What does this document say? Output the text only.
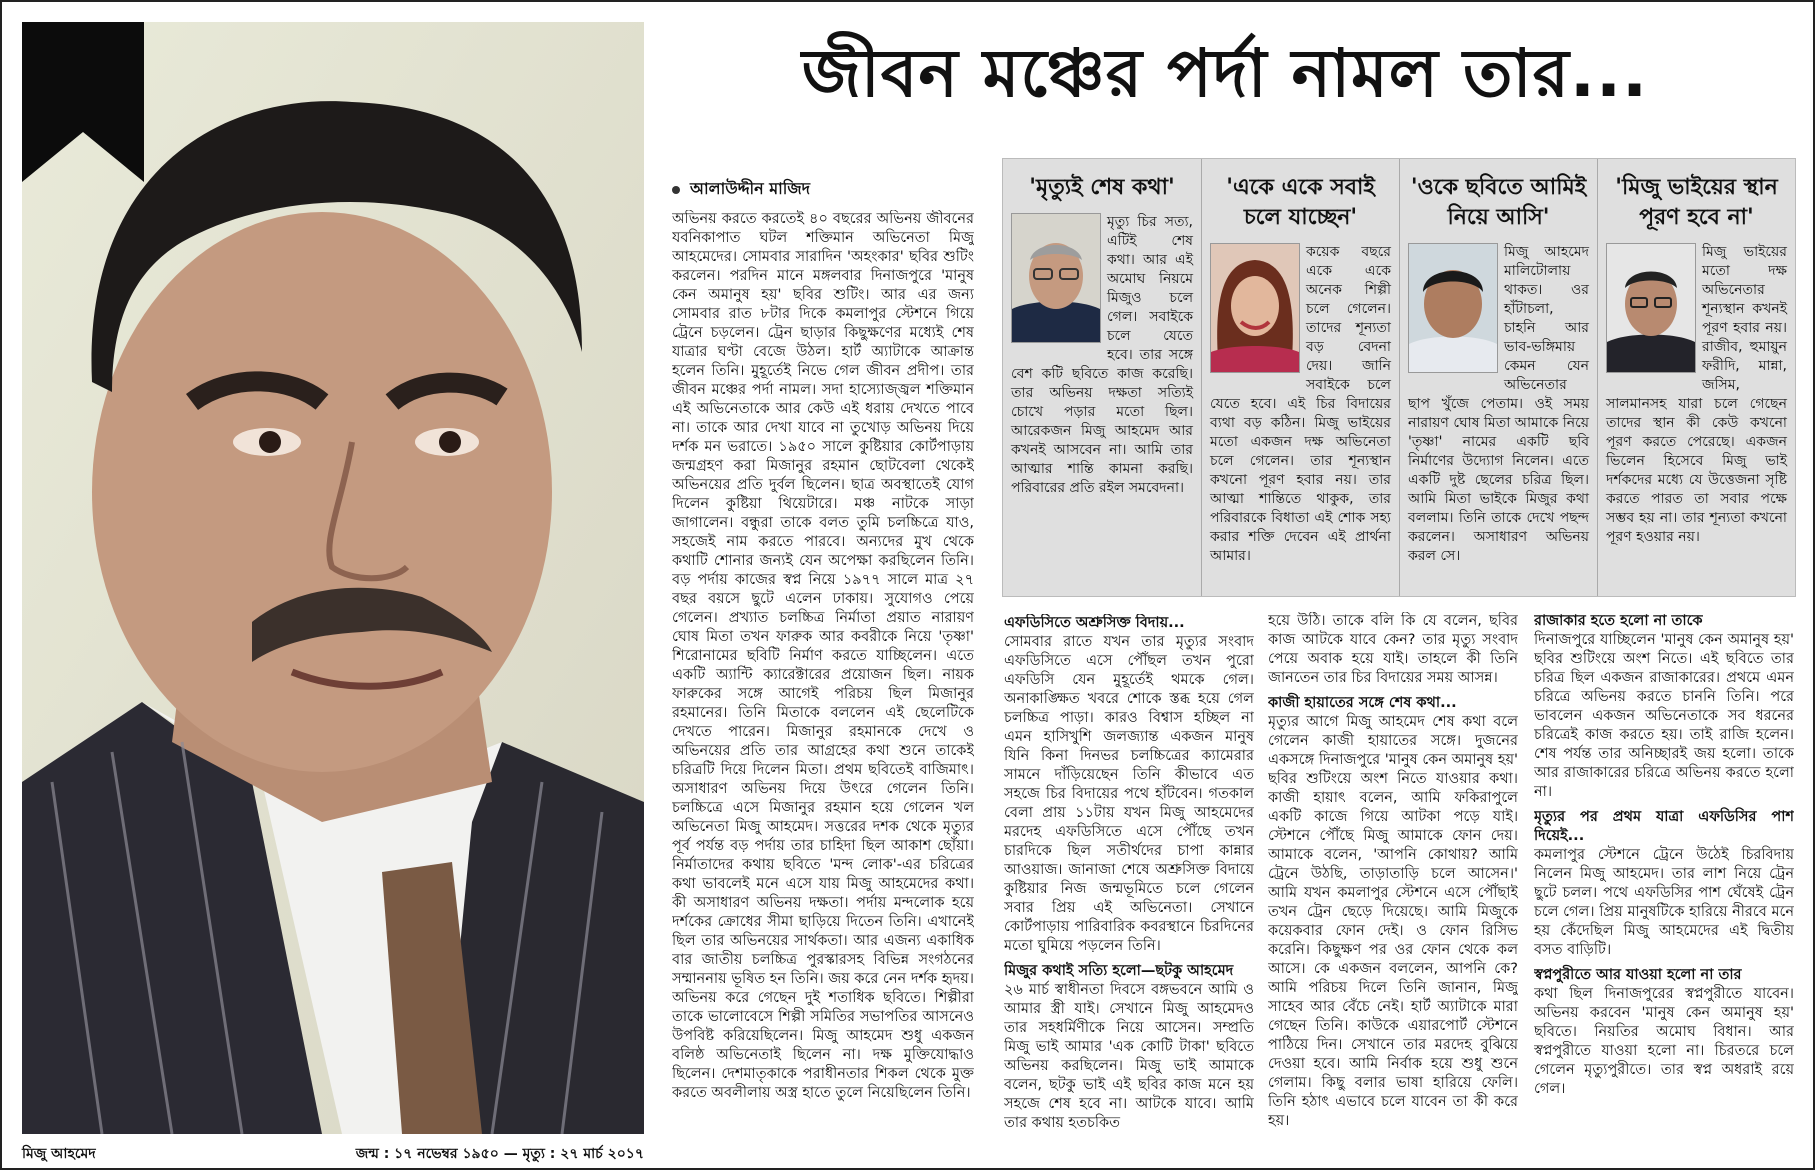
মিজু আহমেদ	জন্ম : ১৭ নভেম্বর ১৯৫০ — মৃত্যু : ২৭ মার্চ ২০১৭
জীবন মঞ্চের পর্দা নামল তার...
আলাউদ্দীন মাজিদ

অভিনয় করতে করতেই ৪০ বছরের অভিনয় জীবনের যবনিকাপাত ঘটল শক্তিমান অভিনেতা মিজু আহমেদের। সোমবার সারাদিন 'অহংকার' ছবির শুটিং করলেন। পরদিন মানে মঙ্গলবার দিনাজপুরে 'মানুষ কেন অমানুষ হয়' ছবির শুটিং। আর এর জন্য সোমবার রাত ৮টার দিকে কমলাপুর স্টেশনে গিয়ে ট্রেনে চড়লেন। ট্রেন ছাড়ার কিছুক্ষণের মধ্যেই শেষ যাত্রার ঘণ্টা বেজে উঠল। হার্ট অ্যাটাকে আক্রান্ত হলেন তিনি। মুহূর্তেই নিভে গেল জীবন প্রদীপ। তার জীবন মঞ্চের পর্দা নামল। সদা হাস্যোজ্জ্বল শক্তিমান এই অভিনেতাকে আর কেউ এই ধরায় দেখতে পাবে না। তাকে আর দেখা যাবে না তুখোড় অভিনয় দিয়ে দর্শক মন ভরাতে। ১৯৫০ সালে কুষ্টিয়ার কোর্টপাড়ায় জন্মগ্রহণ করা মিজানুর রহমান ছোটবেলা থেকেই অভিনয়ের প্রতি দুর্বল ছিলেন। ছাত্র অবস্থাতেই যোগ দিলেন কুষ্টিয়া থিয়েটারে। মঞ্চ নাটকে সাড়া জাগালেন। বন্ধুরা তাকে বলত তুমি চলচ্চিত্রে যাও, সহজেই নাম করতে পারবে। অন্যদের মুখ থেকে কথাটি শোনার জন্যই যেন অপেক্ষা করছিলেন তিনি। বড় পর্দায় কাজের স্বপ্ন নিয়ে ১৯৭৭ সালে মাত্র ২৭ বছর বয়সে ছুটে এলেন ঢাকায়। সুযোগও পেয়ে গেলেন। প্রখ্যাত চলচ্চিত্র নির্মাতা প্রয়াত নারায়ণ ঘোষ মিতা তখন ফারুক আর কবরীকে নিয়ে 'তৃষ্ণা' শিরোনামের ছবিটি নির্মাণ করতে যাচ্ছিলেন। এতে একটি অ্যান্টি ক্যারেক্টারের প্রয়োজন ছিল। নায়ক ফারুকের সঙ্গে আগেই পরিচয় ছিল মিজানুর রহমানের। তিনি মিতাকে বললেন এই ছেলেটিকে দেখতে পারেন। মিজানুর রহমানকে দেখে ও অভিনয়ের প্রতি তার আগ্রহের কথা শুনে তাকেই চরিত্রটি দিয়ে দিলেন মিতা। প্রথম ছবিতেই বাজিমাৎ। অসাধারণ অভিনয় দিয়ে উৎরে গেলেন তিনি। চলচ্চিত্রে এসে মিজানুর রহমান হয়ে গেলেন খল অভিনেতা মিজু আহমেদ। সত্তরের দশক থেকে মৃত্যুর পূর্ব পর্যন্ত বড় পর্দায় তার চাহিদা ছিল আকাশ ছোঁয়া। নির্মাতাদের কথায় ছবিতে 'মন্দ লোক'-এর চরিত্রের কথা ভাবলেই মনে এসে যায় মিজু আহমেদের কথা। কী অসাধারণ অভিনয় দক্ষতা। পর্দায় মন্দলোক হয়ে দর্শকের ক্রোধের সীমা ছাড়িয়ে দিতেন তিনি। এখানেই ছিল তার অভিনয়ের সার্থকতা। আর এজন্য একাধিক বার জাতীয় চলচ্চিত্র পুরস্কারসহ বিভিন্ন সংগঠনের সম্মাননায় ভূষিত হন তিনি। জয় করে নেন দর্শক হৃদয়। অভিনয় করে গেছেন দুই শতাধিক ছবিতে। শিল্পীরা তাকে ভালোবেসে শিল্পী সমিতির সভাপতির আসনেও উপবিষ্ট করিয়েছিলেন। মিজু আহমেদ শুধু একজন বলিষ্ঠ অভিনেতাই ছিলেন না। দক্ষ মুক্তিযোদ্ধাও ছিলেন। দেশমাতৃকাকে পরাধীনতার শিকল থেকে মুক্ত করতে অবলীলায় অস্ত্র হাতে তুলে নিয়েছিলেন তিনি।

'মৃত্যুই শেষ কথা'
মৃত্যু চির সত্য, এটিই শেষ কথা। আর এই অমোঘ নিয়মে মিজুও চলে গেল। সবাইকে চলে যেতে হবে। তার সঙ্গে বেশ কটি ছবিতে কাজ করেছি। তার অভিনয় দক্ষতা সত্যিই চোখে পড়ার মতো ছিল। আরেকজন মিজু আহমেদ আর কখনই আসবেন না। আমি তার আত্মার শান্তি কামনা করছি। পরিবারের প্রতি রইল সমবেদনা।
'একে একে সবাই চলে যাচ্ছেন'
কয়েক বছরে একে একে অনেক শিল্পী চলে গেলেন। তাদের শূন্যতা বড় বেদনা দেয়। জানি সবাইকে চলে যেতে হবে। এই চির বিদায়ের ব্যথা বড় কঠিন। মিজু ভাইয়ের মতো একজন দক্ষ অভিনেতা চলে গেলেন। তার শূন্যস্থান কখনো পূরণ হবার নয়। তার আত্মা শান্তিতে থাকুক, তার পরিবারকে বিধাতা এই শোক সহ্য করার শক্তি দেবেন এই প্রার্থনা আমার।
'ওকে ছবিতে আমিই নিয়ে আসি'
মিজু আহমেদ মালিটোলায় থাকত। ওর হাঁটাচলা, চাহনি আর ভাব-ভঙ্গিমায় কেমন যেন অভিনেতার ছাপ খুঁজে পেতাম। ওই সময় নারায়ণ ঘোষ মিতা আমাকে নিয়ে 'তৃষ্ণা' নামের একটি ছবি নির্মাণের উদ্যোগ নিলেন। এতে একটি দুষ্ট ছেলের চরিত্র ছিল। আমি মিতা ভাইকে মিজুর কথা বললাম। তিনি তাকে দেখে পছন্দ করলেন। অসাধারণ অভিনয় করল সে।
'মিজু ভাইয়ের স্থান পূরণ হবে না'
মিজু ভাইয়ের মতো দক্ষ অভিনেতার শূন্যস্থান কখনই পূরণ হবার নয়। রাজীব, হুমায়ুন ফরীদি, মান্না, জসিম, সালমানসহ যারা চলে গেছেন তাদের স্থান কী কেউ কখনো পূরণ করতে পেরেছে। একজন ভিলেন হিসেবে মিজু ভাই দর্শকদের মধ্যে যে উত্তেজনা সৃষ্টি করতে পারত তা সবার পক্ষে সম্ভব হয় না। তার শূন্যতা কখনো পূরণ হওয়ার নয়।

এফডিসিতে অশ্রুসিক্ত বিদায়...

সোমবার রাতে যখন তার মৃত্যুর সংবাদ এফডিসিতে এসে পৌঁছল তখন পুরো এফডিসি যেন মুহূর্তেই থমকে গেল। অনাকাঙ্ক্ষিত খবরে শোকে স্তব্ধ হয়ে গেল চলচ্চিত্র পাড়া। কারও বিশ্বাস হচ্ছিল না এমন হাসিখুশি জলজ্যান্ত একজন মানুষ যিনি কিনা দিনভর চলচ্চিত্রের ক্যামেরার সামনে দাঁড়িয়েছেন তিনি কীভাবে এত সহজে চির বিদায়ের পথে হাঁটবেন। গতকাল বেলা প্রায় ১১টায় যখন মিজু আহমেদের মরদেহ এফডিসিতে এসে পৌঁছে তখন চারদিকে ছিল সতীর্থদের চাপা কান্নার আওয়াজ। জানাজা শেষে অশ্রুসিক্ত বিদায়ে কুষ্টিয়ার নিজ জন্মভূমিতে চলে গেলেন সবার প্রিয় এই অভিনেতা। সেখানে কোর্টপাড়ায় পারিবারিক কবরস্থানে চিরদিনের মতো ঘুমিয়ে পড়লেন তিনি।

মিজুর কথাই সত্যি হলো—ছটকু আহমেদ

২৬ মার্চ স্বাধীনতা দিবসে বঙ্গভবনে আমি ও আমার স্ত্রী যাই। সেখানে মিজু আহমেদও তার সহধর্মিণীকে নিয়ে আসেন। সম্প্রতি মিজু ভাই আমার 'এক কোটি টাকা' ছবিতে অভিনয় করছিলেন। মিজু ভাই আমাকে বলেন, ছটকু ভাই এই ছবির কাজ মনে হয় সহজে শেষ হবে না। আটকে যাবে। আমি তার কথায় হতচকিত

হয়ে উঠি। তাকে বলি কি যে বলেন, ছবির কাজ আটকে যাবে কেন? তার মৃত্যু সংবাদ পেয়ে অবাক হয়ে যাই। তাহলে কী তিনি জানতেন তার চির বিদায়ের সময় আসন্ন।

কাজী হায়াতের সঙ্গে শেষ কথা...

মৃত্যুর আগে মিজু আহমেদ শেষ কথা বলে গেলেন কাজী হায়াতের সঙ্গে। দুজনের একসঙ্গে দিনাজপুরে 'মানুষ কেন অমানুষ হয়' ছবির শুটিংয়ে অংশ নিতে যাওয়ার কথা। কাজী হায়াৎ বলেন, আমি ফকিরাপুলে একটি কাজে গিয়ে আটকা পড়ে যাই। স্টেশনে পৌঁছে মিজু আমাকে ফোন দেয়। আমাকে বলেন, 'আপনি কোথায়? আমি ট্রেনে উঠছি, তাড়াতাড়ি চলে আসেন।' আমি যখন কমলাপুর স্টেশনে এসে পৌঁছাই তখন ট্রেন ছেড়ে দিয়েছে। আমি মিজুকে কয়েকবার ফোন দেই। ও ফোন রিসিভ করেনি। কিছুক্ষণ পর ওর ফোন থেকে কল আসে। কে একজন বললেন, আপনি কে? আমি পরিচয় দিলে তিনি জানান, মিজু সাহেব আর বেঁচে নেই। হার্ট অ্যাটাকে মারা গেছেন তিনি। কাউকে এয়ারপোর্ট স্টেশনে পাঠিয়ে দিন। সেখানে তার মরদেহ বুঝিয়ে দেওয়া হবে। আমি নির্বাক হয়ে শুধু শুনে গেলাম। কিছু বলার ভাষা হারিয়ে ফেলি। তিনি হঠাৎ এভাবে চলে যাবেন তা কী করে হয়।

রাজাকার হতে হলো না তাকে

দিনাজপুরে যাচ্ছিলেন 'মানুষ কেন অমানুষ হয়' ছবির শুটিংয়ে অংশ নিতে। এই ছবিতে তার চরিত্র ছিল একজন রাজাকারের। প্রথমে এমন চরিত্রে অভিনয় করতে চাননি তিনি। পরে ভাবলেন একজন অভিনেতাকে সব ধরনের চরিত্রেই কাজ করতে হয়। তাই রাজি হলেন। শেষ পর্যন্ত তার অনিচ্ছারই জয় হলো। তাকে আর রাজাকারের চরিত্রে অভিনয় করতে হলো না।

মৃত্যুর পর প্রথম যাত্রা এফডিসির পাশ দিয়েই...

কমলাপুর স্টেশনে ট্রেনে উঠেই চিরবিদায় নিলেন মিজু আহমেদ। তার লাশ নিয়ে ট্রেন ছুটে চলল। পথে এফডিসির পাশ ঘেঁষেই ট্রেন চলে গেল। প্রিয় মানুষটিকে হারিয়ে নীরবে মনে হয় কেঁদেছিল মিজু আহমেদের এই দ্বিতীয় বসত বাড়িটি।

স্বপ্নপুরীতে আর যাওয়া হলো না তার

কথা ছিল দিনাজপুরের স্বপ্নপুরীতে যাবেন। অভিনয় করবেন 'মানুষ কেন অমানুষ হয়' ছবিতে। নিয়তির অমোঘ বিধান। আর স্বপ্নপুরীতে যাওয়া হলো না। চিরতরে চলে গেলেন মৃত্যুপুরীতে। তার স্বপ্ন অধরাই রয়ে গেল।
